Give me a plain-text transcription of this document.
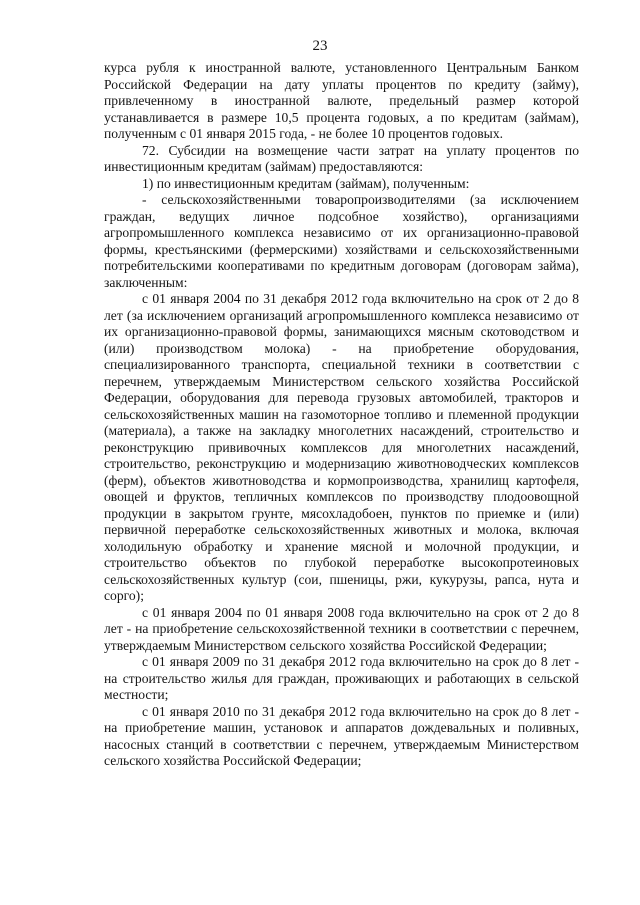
23

курса рубля к иностранной валюте, установленного Центральным Банком Российской Федерации на дату уплаты процентов по кредиту (займу), привлеченному в иностранной валюте, предельный размер которой устанавливается в размере 10,5 процента годовых, а по кредитам (займам), полученным с 01 января 2015 года, - не более 10 процентов годовых.

72. Субсидии на возмещение части затрат на уплату процентов по инвестиционным кредитам (займам) предоставляются:

1) по инвестиционным кредитам (займам), полученным:

- сельскохозяйственными товаропроизводителями (за исключением граждан, ведущих личное подсобное хозяйство), организациями агропромышленного комплекса независимо от их организационно-правовой формы, крестьянскими (фермерскими) хозяйствами и сельскохозяйственными потребительскими кооперативами по кредитным договорам (договорам займа), заключенным:

с 01 января 2004 по 31 декабря 2012 года включительно на срок от 2 до 8 лет (за исключением организаций агропромышленного комплекса независимо от их организационно-правовой формы, занимающихся мясным скотоводством и (или) производством молока) - на приобретение оборудования, специализированного транспорта, специальной техники в соответствии с перечнем, утверждаемым Министерством сельского хозяйства Российской Федерации, оборудования для перевода грузовых автомобилей, тракторов и сельскохозяйственных машин на газомоторное топливо и племенной продукции (материала), а также на закладку многолетних насаждений, строительство и реконструкцию прививочных комплексов для многолетних насаждений, строительство, реконструкцию и модернизацию животноводческих комплексов (ферм), объектов животноводства и кормопроизводства, хранилищ картофеля, овощей и фруктов, тепличных комплексов по производству плодоовощной продукции в закрытом грунте, мясохладобоен, пунктов по приемке и (или) первичной переработке сельскохозяйственных животных и молока, включая холодильную обработку и хранение мясной и молочной продукции, и строительство объектов по глубокой переработке высокопротеиновых сельскохозяйственных культур (сои, пшеницы, ржи, кукурузы, рапса, нута и сорго);

с 01 января 2004 по 01 января 2008 года включительно на срок от 2 до 8 лет - на приобретение сельскохозяйственной техники в соответствии с перечнем, утверждаемым Министерством сельского хозяйства Российской Федерации;

с 01 января 2009 по 31 декабря 2012 года включительно на срок до 8 лет - на строительство жилья для граждан, проживающих и работающих в сельской местности;

с 01 января 2010 по 31 декабря 2012 года включительно на срок до 8 лет - на приобретение машин, установок и аппаратов дождевальных и поливных, насосных станций в соответствии с перечнем, утверждаемым Министерством сельского хозяйства Российской Федерации;
